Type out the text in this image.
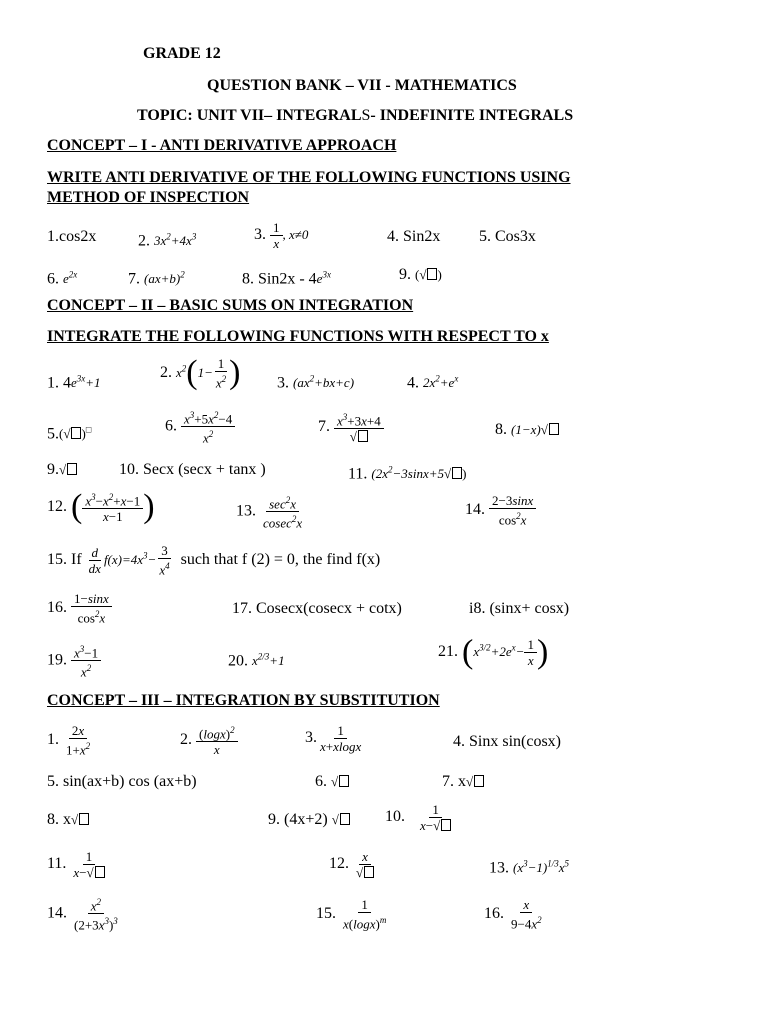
GRADE 12
QUESTION BANK – VII - MATHEMATICS
TOPIC: UNIT VII– INTEGRALS- INDEFINITE INTEGRALS
CONCEPT – I - ANTI DERIVATIVE APPROACH
WRITE ANTI DERIVATIVE OF THE FOLLOWING FUNCTIONS USING
METHOD OF INSPECTION
1.cos2x	2. $3x^2+4x^3$	3. $\frac{1}{x}$ , x≠0	4. Sin2x 5. Cos3x
6. $e^{2x}$	7. $(ax+b)^2$	8. $Sin2x - 4e^{3x}$	9. (√ )
CONCEPT – II – BASIC SUMS ON INTEGRATION
INTEGRATE THE FOLLOWING FUNCTIONS WITH RESPECT TO x
1. $4e^{3x}+1$
2. $x^2(1- \frac{1}{x^2}$ ) 3. $(ax^2+bx+c)$	4. $2x^2+e^x$
5.(√ )□	6. $\frac{x^3+5x^2-4}{x^2}$	7. $\frac{x^3+3x+4}{√}$	8. (1−x)√
9.√	10. Secx (secx + tanx )	11. ($2x^2-3\sin x+5√$ )
12. ( $\frac{x^3-x^2+x-1}{x-1}$ )	13. $\frac{\sec^2x}{cosec^2x}$	14. $\frac{2-3\sin x}{\cos^2x}$
15. If $\frac{d}{dx} f(x)=4x^3- \frac{3}{x^4}$ such that f (2) = 0, the find f(x)
16. $\frac{1-\sin x}{\cos^2x}$	17. Cosecx(cosecx + cotx)	i8. (sinx+ cosx)
19. $\frac{x^3-1}{x^2}$	20. $x^{2/3}+1$
21. ($x^{3/2}+2e^x- \frac{1}{x}$ )
CONCEPT – III – INTEGRATION BY SUBSTITUTION
1. $\frac{2x}{1+x^2}$	2. $\frac{(\log x)^2}{x}$	3. $\frac{1}{x+xlogx}$	4. Sinx sin(cosx)
5. sin(ax+b) cos (ax+b)	6. √	7. x√
8. x√	9. (4x+2) √	10. $\frac{1}{x-√}$
11. $\frac{1}{x-√}$	12. $\frac{x}{√}$	13. $(x^3-1)^{1/3}x^5$
14. $\frac{x^2}{(2+3x^3)^3}$	15. $\frac{1}{x(\log x)^m}$	16. $\frac{x}{9-4x^2}$
